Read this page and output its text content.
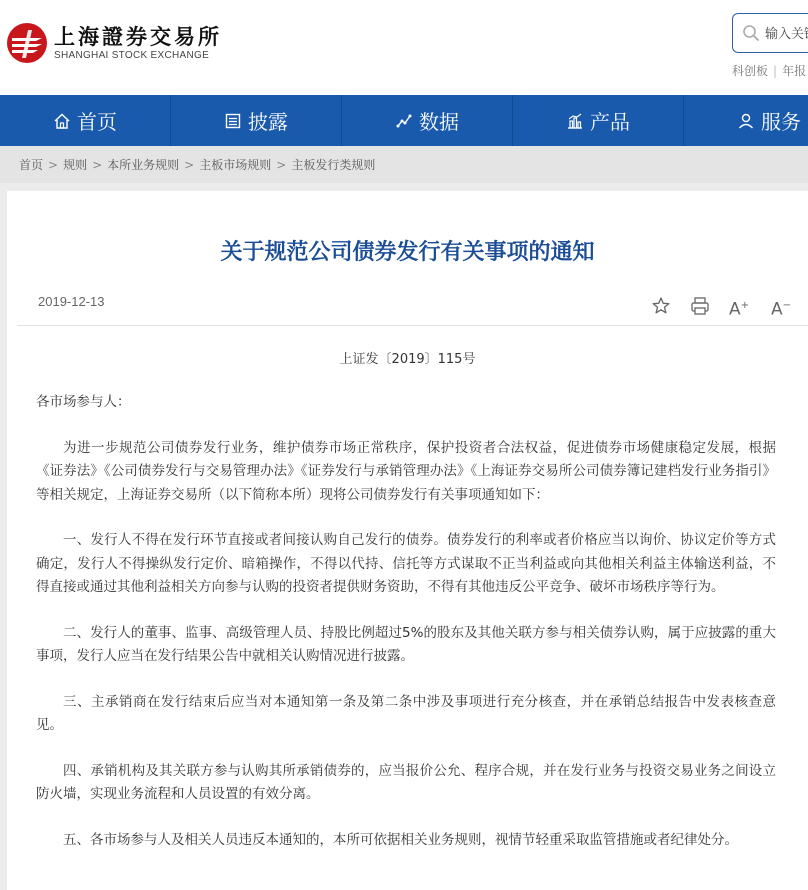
上海證券交易所
SHANGHAI STOCK EXCHANGE
输入关键字
科创板 | 年报
首页	披露	数据	产品	服务
首页 > 规则 > 本所业务规则 > 主板市场规则 > 主板发行类规则
关于规范公司债券发行有关事项的通知
2019-12-13	A+ A−
上证发〔2019〕115号

各市场参与人：

为进一步规范公司债券发行业务，维护债券市场正常秩序，保护投资者合法权益，促进债券市场健康稳定发展，根据《证券法》《公司债券发行与交易管理办法》《证券发行与承销管理办法》《上海证券交易所公司债券簿记建档发行业务指引》等相关规定，上海证券交易所（以下简称本所）现将公司债券发行有关事项通知如下：

一、发行人不得在发行环节直接或者间接认购自己发行的债券。债券发行的利率或者价格应当以询价、协议定价等方式确定，发行人不得操纵发行定价、暗箱操作，不得以代持、信托等方式谋取不正当利益或向其他相关利益主体输送利益，不得直接或通过其他利益相关方向参与认购的投资者提供财务资助，不得有其他违反公平竞争、破坏市场秩序等行为。

二、发行人的董事、监事、高级管理人员、持股比例超过5%的股东及其他关联方参与相关债券认购，属于应披露的重大事项，发行人应当在发行结果公告中就相关认购情况进行披露。

三、主承销商在发行结束后应当对本通知第一条及第二条中涉及事项进行充分核查，并在承销总结报告中发表核查意见。

四、承销机构及其关联方参与认购其所承销债券的，应当报价公允、程序合规，并在发行业务与投资交易业务之间设立防火墙，实现业务流程和人员设置的有效分离。

五、各市场参与人及相关人员违反本通知的，本所可依据相关业务规则，视情节轻重采取监管措施或者纪律处分。
